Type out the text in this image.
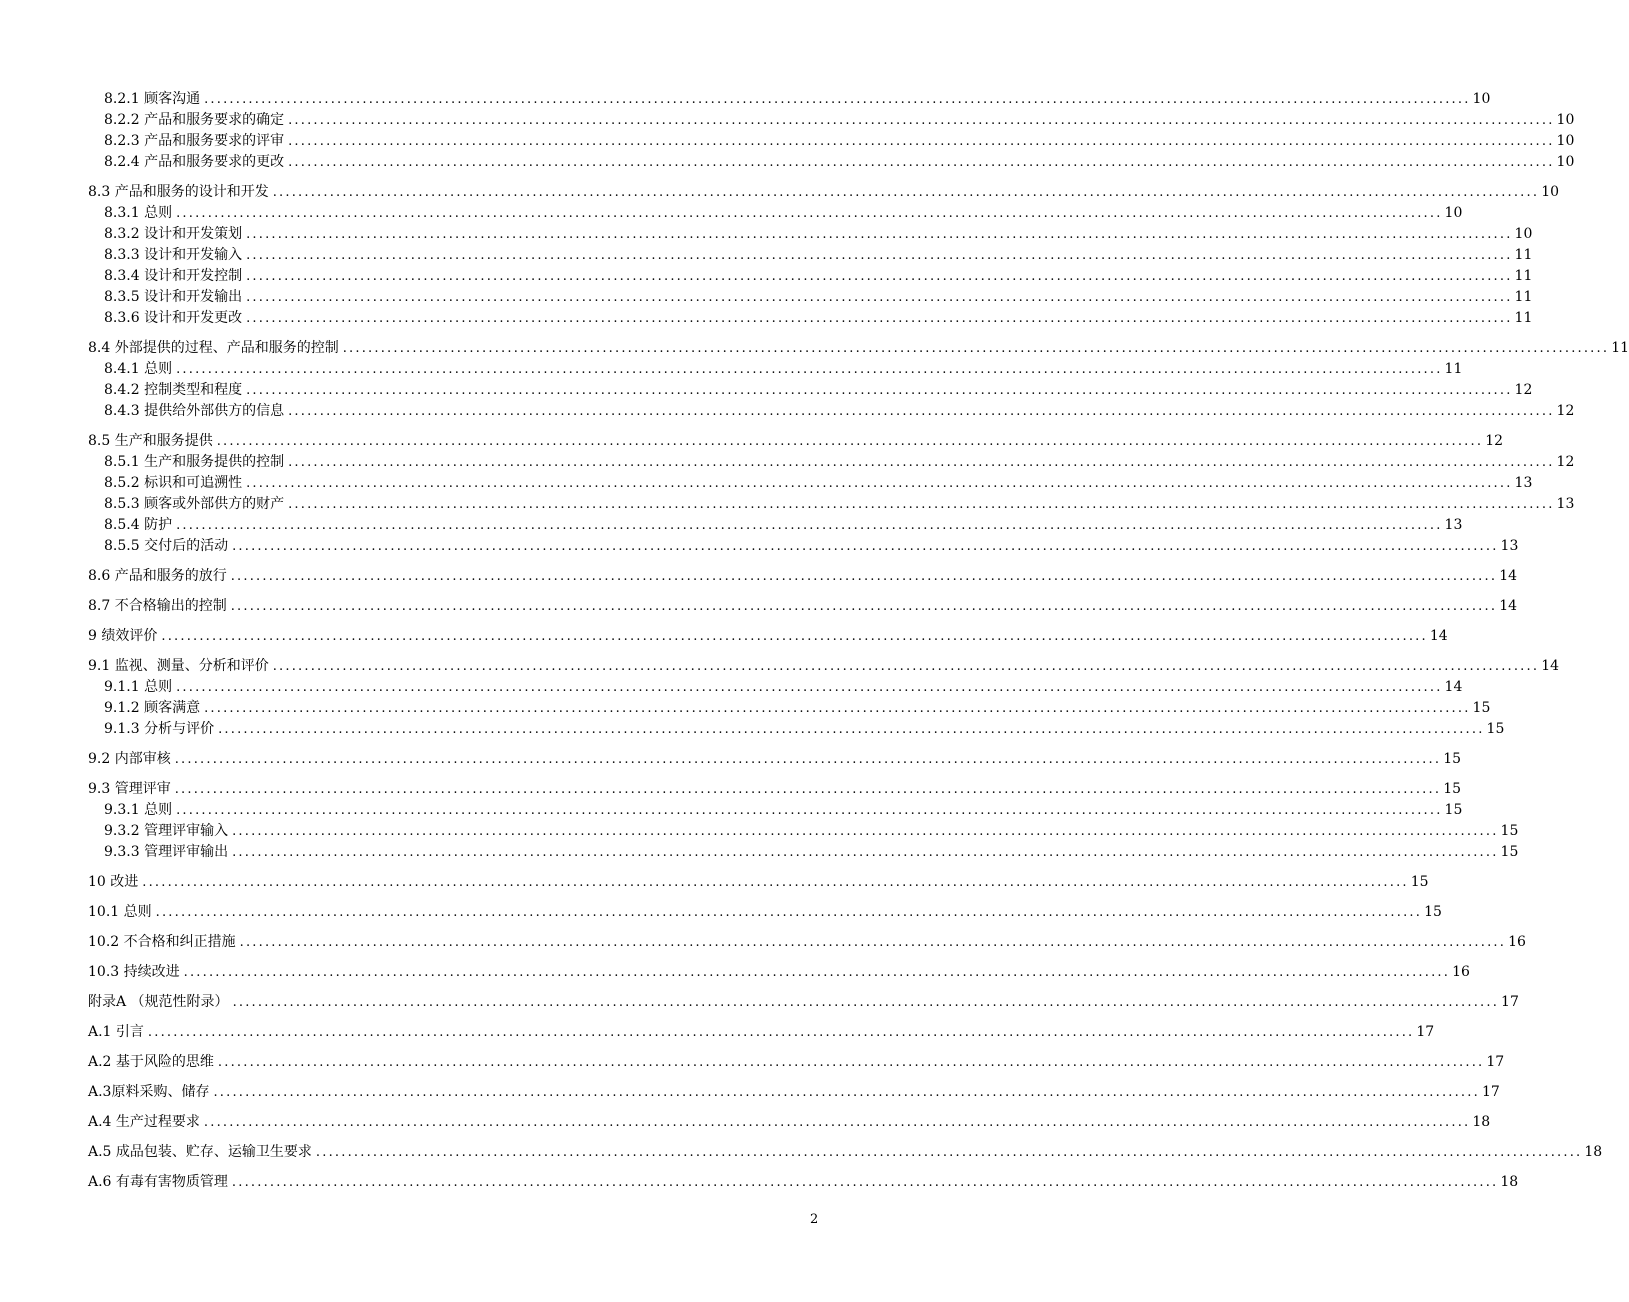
8.2.1 顾客沟通 ........................................................................................................................................................................................................ 10
8.2.2 产品和服务要求的确定 ........................................................................................................................................................................................................ 10
8.2.3 产品和服务要求的评审 ........................................................................................................................................................................................................ 10
8.2.4 产品和服务要求的更改 ........................................................................................................................................................................................................ 10
8.3 产品和服务的设计和开发 ........................................................................................................................................................................................................ 10
8.3.1 总则 ........................................................................................................................................................................................................ 10
8.3.2 设计和开发策划 ........................................................................................................................................................................................................ 10
8.3.3 设计和开发输入 ........................................................................................................................................................................................................ 11
8.3.4 设计和开发控制 ........................................................................................................................................................................................................ 11
8.3.5 设计和开发输出 ........................................................................................................................................................................................................ 11
8.3.6 设计和开发更改 ........................................................................................................................................................................................................ 11
8.4 外部提供的过程、产品和服务的控制 ........................................................................................................................................................................................................ 11
8.4.1 总则 ........................................................................................................................................................................................................ 11
8.4.2 控制类型和程度 ........................................................................................................................................................................................................ 12
8.4.3 提供给外部供方的信息 ........................................................................................................................................................................................................ 12
8.5 生产和服务提供 ........................................................................................................................................................................................................ 12
8.5.1 生产和服务提供的控制 ........................................................................................................................................................................................................ 12
8.5.2 标识和可追溯性 ........................................................................................................................................................................................................ 13
8.5.3 顾客或外部供方的财产 ........................................................................................................................................................................................................ 13
8.5.4 防护 ........................................................................................................................................................................................................ 13
8.5.5 交付后的活动 ........................................................................................................................................................................................................ 13
8.6 产品和服务的放行 ........................................................................................................................................................................................................ 14
8.7 不合格输出的控制 ........................................................................................................................................................................................................ 14
9 绩效评价 ........................................................................................................................................................................................................ 14
9.1 监视、测量、分析和评价 ........................................................................................................................................................................................................ 14
9.1.1 总则 ........................................................................................................................................................................................................ 14
9.1.2 顾客满意 ........................................................................................................................................................................................................ 15
9.1.3 分析与评价 ........................................................................................................................................................................................................ 15
9.2 内部审核 ........................................................................................................................................................................................................ 15
9.3 管理评审 ........................................................................................................................................................................................................ 15
9.3.1 总则 ........................................................................................................................................................................................................ 15
9.3.2 管理评审输入 ........................................................................................................................................................................................................ 15
9.3.3 管理评审输出 ........................................................................................................................................................................................................ 15
10 改进 ........................................................................................................................................................................................................ 15
10.1 总则 ........................................................................................................................................................................................................ 15
10.2 不合格和纠正措施 ........................................................................................................................................................................................................ 16
10.3 持续改进 ........................................................................................................................................................................................................ 16
附录A （规范性附录） ........................................................................................................................................................................................................ 17
A.1 引言 ........................................................................................................................................................................................................ 17
A.2 基于风险的思维 ........................................................................................................................................................................................................ 17
A.3原料采购、储存 ........................................................................................................................................................................................................ 17
A.4 生产过程要求 ........................................................................................................................................................................................................ 18
A.5 成品包装、贮存、运输卫生要求 ........................................................................................................................................................................................................ 18
A.6 有毒有害物质管理 ........................................................................................................................................................................................................ 18
2
